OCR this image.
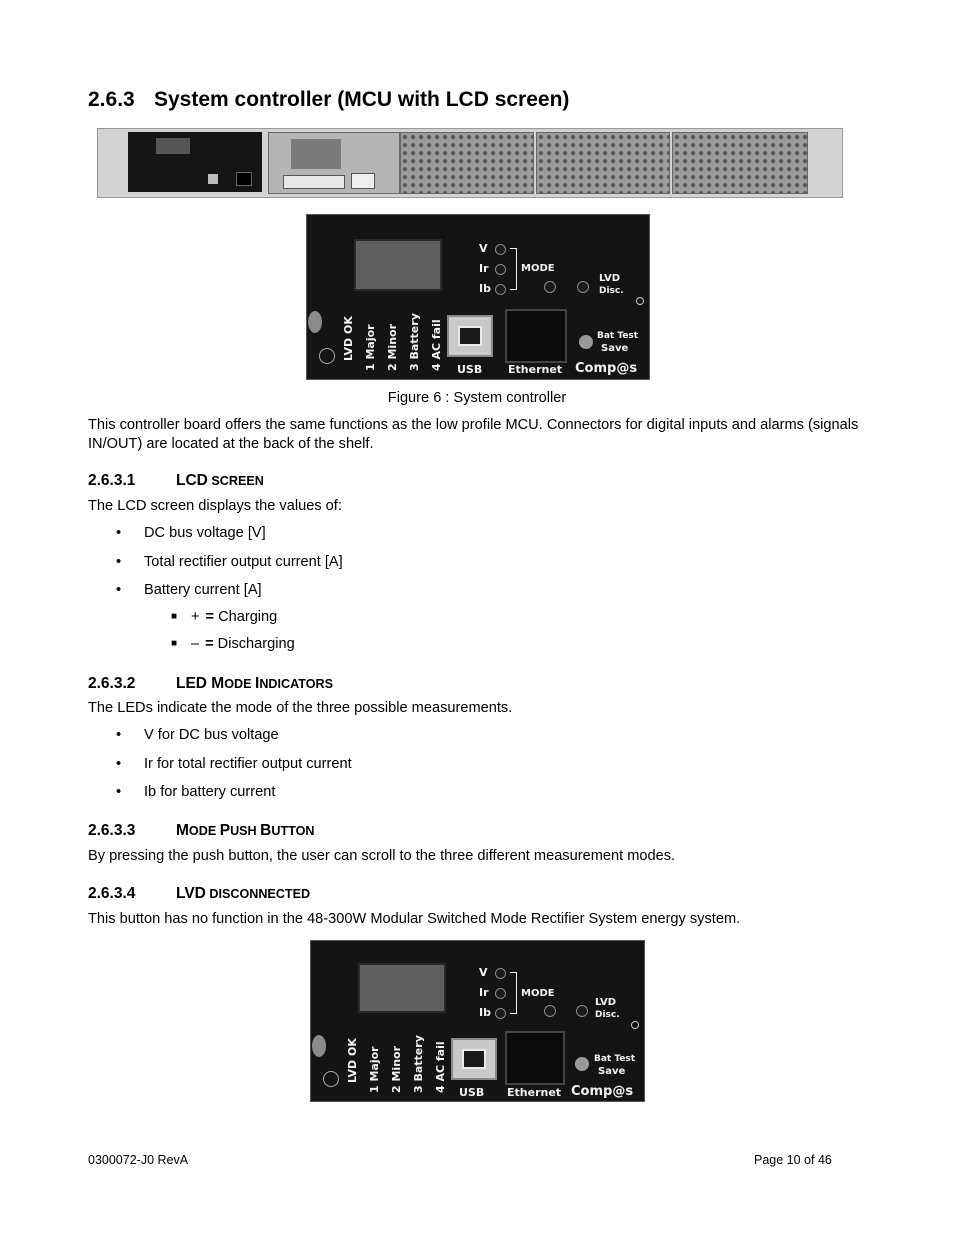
2.6.3 System controller (MCU with LCD screen)
V
Ir
Ib
MODE
LVD
Disc.
LVD OK 1 Major 2 Minor 3 Battery 4 AC fail USB Ethernet
Bat Test
Save
Comp@s
Figure 6 : System controller

This controller board offers the same functions as the low profile MCU. Connectors for digital inputs and alarms (signals IN/OUT) are located at the back of the shelf.

2.6.3.1	LCD SCREEN

The LCD screen displays the values of:

• DC bus voltage [V]
• Total rectifier output current [A]
• Battery current [A]
■ + = Charging
■ – = Discharging
2.6.3.2	LED MODE INDICATORS

The LEDs indicate the mode of the three possible measurements.

• V for DC bus voltage
• Ir for total rectifier output current
• Ib for battery current
2.6.3.3	MODE PUSH BUTTON

By pressing the push button, the user can scroll to the three different measurement modes.

2.6.3.4	LVD DISCONNECTED

This button has no function in the 48-300W Modular Switched Mode Rectifier System energy system.

V
Ir
Ib
MODE
LVD
Disc.
LVD OK 1 Major 2 Minor 3 Battery 4 AC fail USB Ethernet
Bat Test
Save
Comp@s
0300072-J0 RevA	Page 10 of 46
